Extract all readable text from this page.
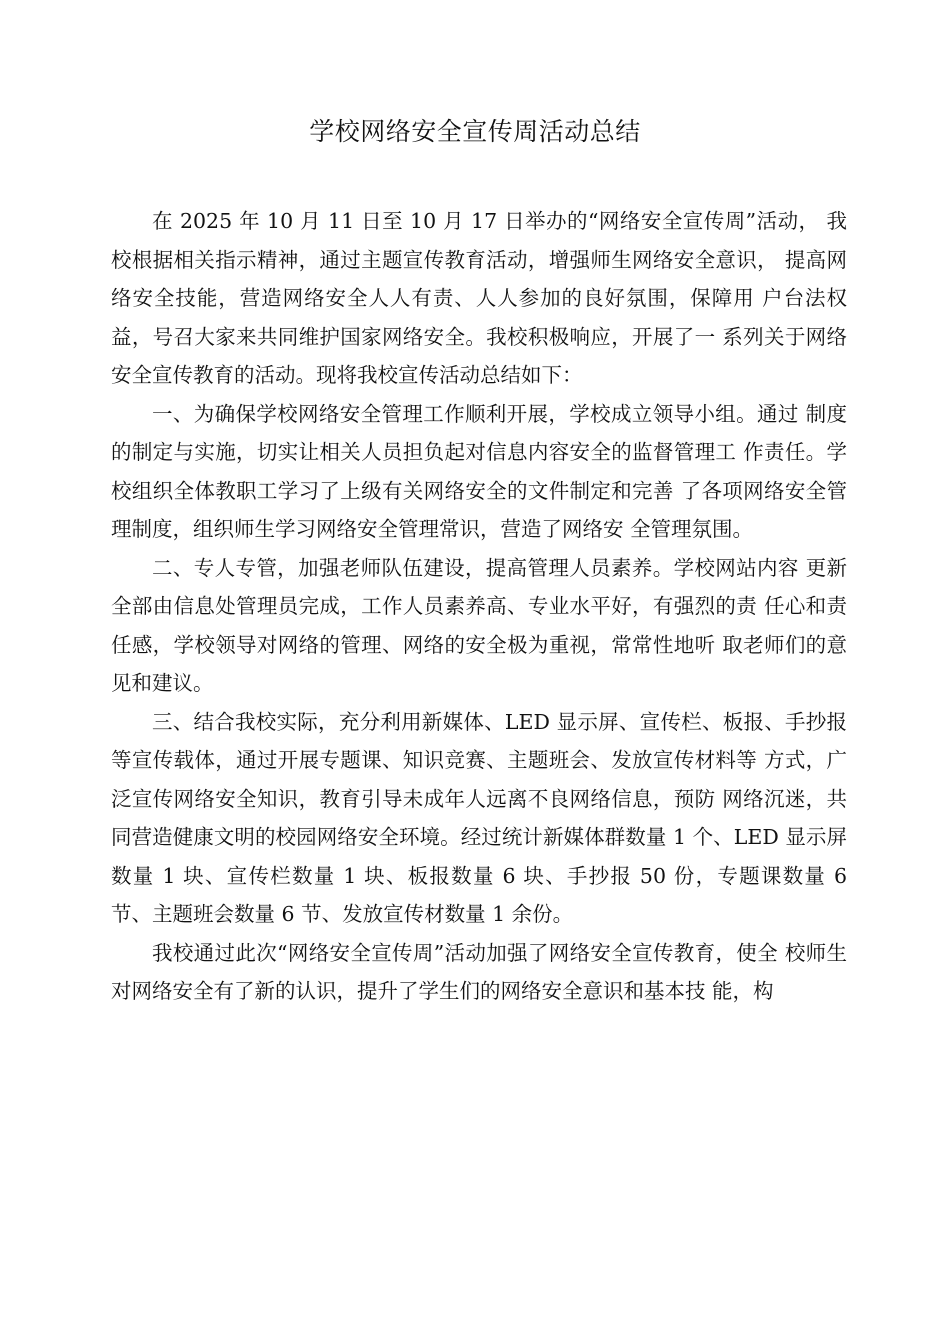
学校网络安全宣传周活动总结

在 2025 年 10 月 11 日至 10 月 17 日举办的“网络安全宣传周”活动， 我校根据相关指示精神，通过主题宣传教育活动，增强师生网络安全意识， 提高网络安全技能，营造网络安全人人有责、人人参加的良好氛围，保障用 户台法权益，号召大家来共同维护国家网络安全。我校积极响应，开展了一 系列关于网络安全宣传教育的活动。现将我校宣传活动总结如下：

一、为确保学校网络安全管理工作顺利开展，学校成立领导小组。通过 制度的制定与实施，切实让相关人员担负起对信息内容安全的监督管理工 作责任。学校组织全体教职工学习了上级有关网络安全的文件制定和完善 了各项网络安全管理制度，组织师生学习网络安全管理常识，营造了网络安 全管理氛围。

二、专人专管，加强老师队伍建设，提高管理人员素养。学校网站内容 更新全部由信息处管理员完成，工作人员素养高、专业水平好，有强烈的责 任心和责任感，学校领导对网络的管理、网络的安全极为重视，常常性地听 取老师们的意见和建议。

三、结合我校实际，充分利用新媒体、LED 显示屏、宣传栏、板报、手抄报等宣传载体，通过开展专题课、知识竞赛、主题班会、发放宣传材料等 方式，广泛宣传网络安全知识，教育引导未成年人远离不良网络信息，预防 网络沉迷，共同营造健康文明的校园网络安全环境。经过统计新媒体群数量 1 个、LED 显示屏数量 1 块、宣传栏数量 1 块、板报数量 6 块、手抄报 50 份，专题课数量 6 节、主题班会数量 6 节、发放宣传材数量 1 余份。

我校通过此次“网络安全宣传周”活动加强了网络安全宣传教育，使全 校师生对网络安全有了新的认识，提升了学生们的网络安全意识和基本技 能，构
